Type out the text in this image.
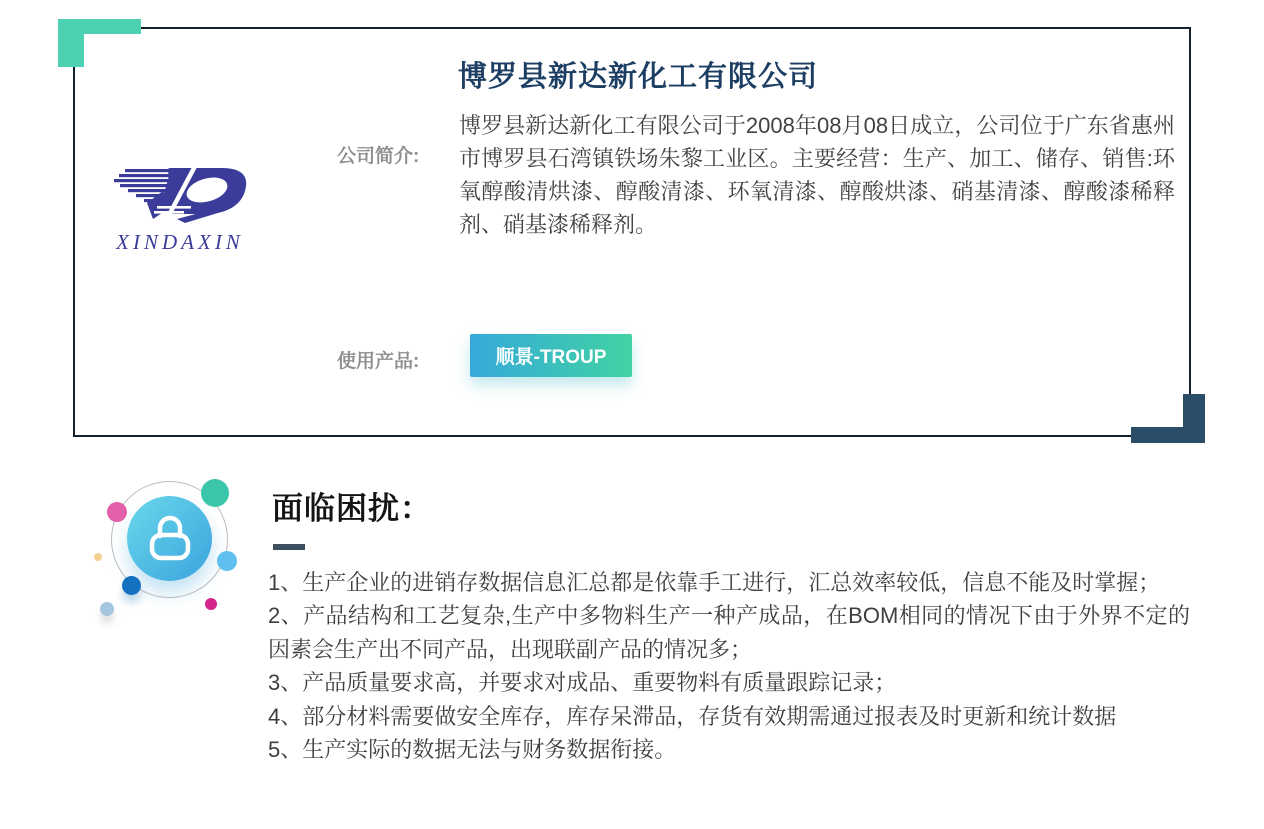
XINDAXIN
博罗县新达新化工有限公司
公司简介:
博罗县新达新化工有限公司于2008年08月08日成立，公司位于广东省惠州市博罗县石湾镇铁场朱黎工业区。主要经营：生产、加工、储存、销售:环氧醇酸清烘漆、醇酸清漆、环氧清漆、醇酸烘漆、硝基清漆、醇酸漆稀释剂、硝基漆稀释剂。
使用产品:	顺景-TROUP
面临困扰：
1、生产企业的进销存数据信息汇总都是依靠手工进行，汇总效率较低，信息不能及时掌握；
2、产品结构和工艺复杂,生产中多物料生产一种产成品，在BOM相同的情况下由于外界不定的因素会生产出不同产品，出现联副产品的情况多；
3、产品质量要求高，并要求对成品、重要物料有质量跟踪记录；
4、部分材料需要做安全库存，库存呆滞品，存货有效期需通过报表及时更新和统计数据
5、生产实际的数据无法与财务数据衔接。
